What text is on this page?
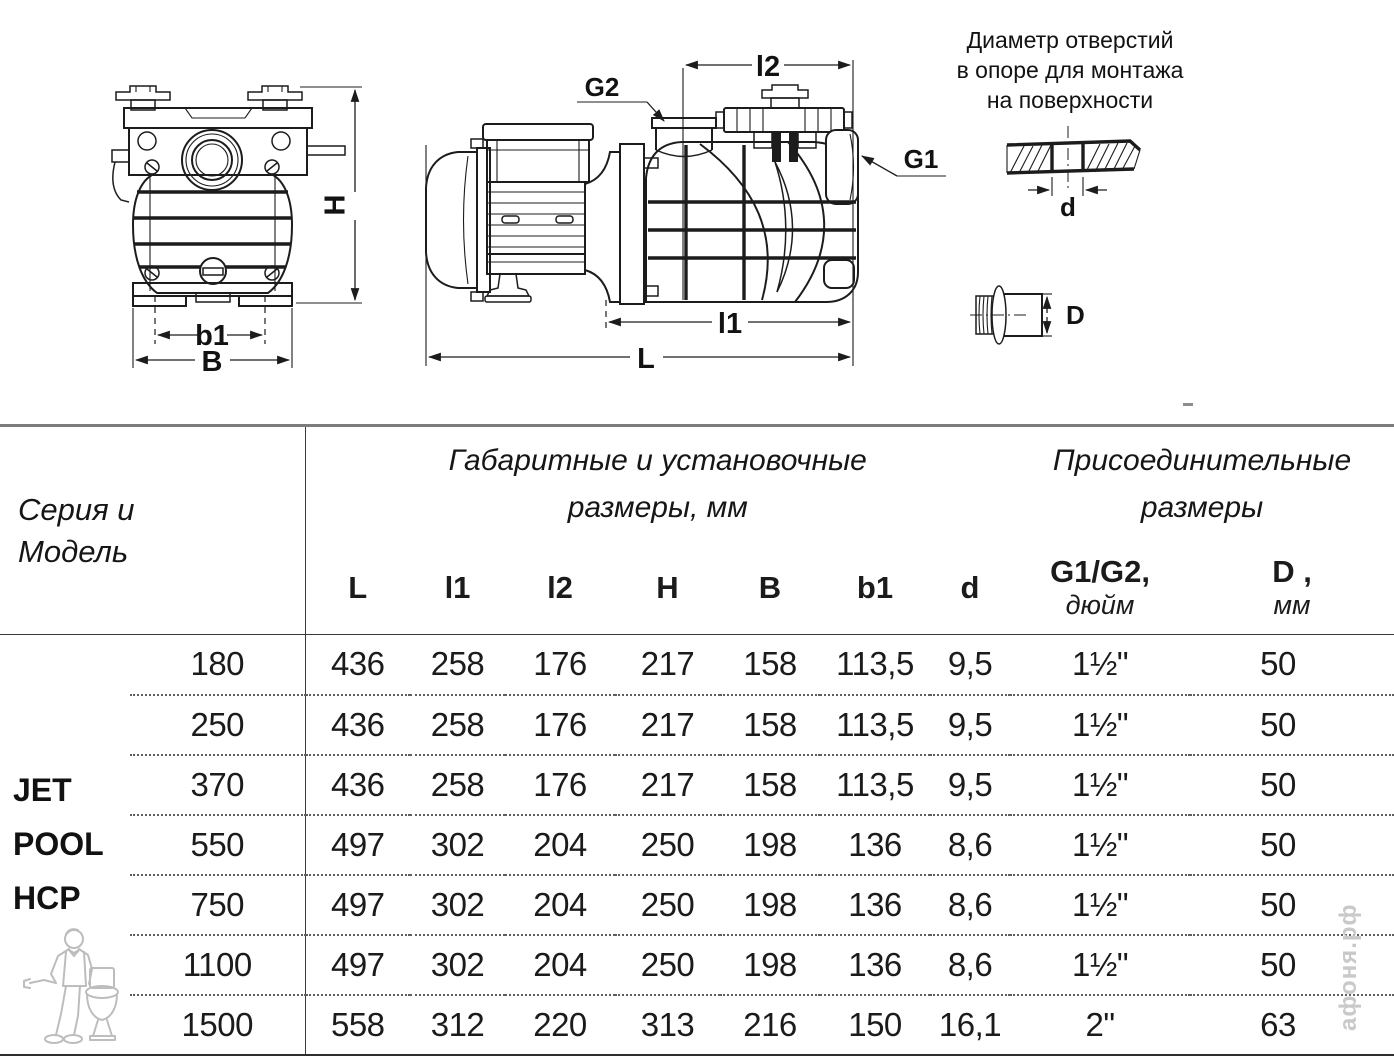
H
b1
B
G2
G1
l2
l1
L
Диаметр отверстий
в опоре для монтажа
на поверхности
d
D
Серия и
Модель

Габаритные и установочные
размеры, мм

Присоединительные
размеры

		L	l1	l2	H	B	b1	d	G1/G2,
дюйм	D ,
мм

JET
POOL
HCP	180	436	258	176	217	158	113,5	9,5	1½"	50
	250	436	258	176	217	158	113,5	9,5	1½"	50
	370	436	258	176	217	158	113,5	9,5	1½"	50
	550	497	302	204	250	198	136	8,6	1½"	50
	750	497	302	204	250	198	136	8,6	1½"	50
	1100	497	302	204	250	198	136	8,6	1½"	50
	1500	558	312	220	313	216	150	16,1	2"	63 афоня.рф
